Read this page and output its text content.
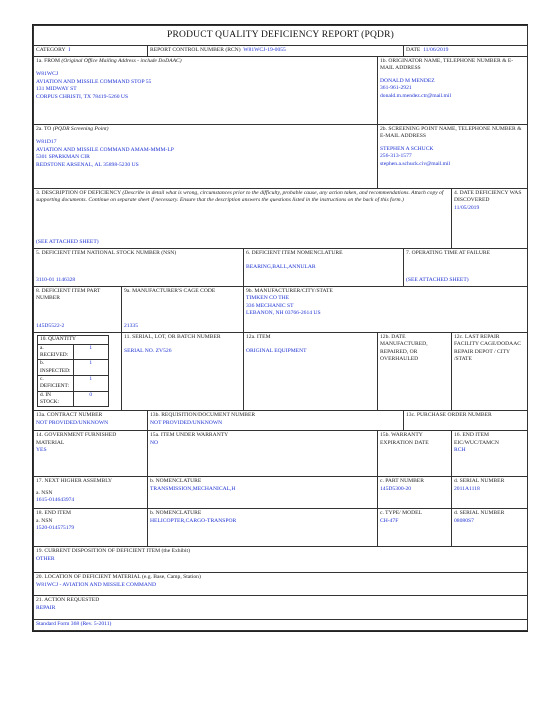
PRODUCT QUALITY DEFICIENCY REPORT (PQDR)
CATEGORY I	REPORT CONTROL NUMBER (RCN) W81WCJ-19-0055	DATE 11/06/2019
1a. FROM (Original Office Mailing Address - include DoDAAC)
W81WCJ
AVIATION AND MISSILE COMMAND STOP 55
131 MIDWAY ST
CORPUS CHRISTI, TX 78419-5260 US
	1b. ORIGINATOR NAME, TELEPHONE NUMBER & E-MAIL ADDRESS
DONALD M MENDEZ
361-961-2921
donald.m.mendez.ctr@mail.mil

2a. TO (PQDR Screening Point)
W81D17
AVIATION AND MISSILE COMMAND AMAM-MMM-LP
5301 SPARKMAN CIR
REDSTONE ARSENAL, AL 35898-5230 US
	2b. SCREENING POINT NAME, TELEPHONE NUMBER & E-MAIL ADDRESS
STEPHEN A SCHUCK
256-313-1577
stephen.a.schuck.civ@mail.mil

3. DESCRIPTION OF DEFICIENCY (Describe in detail what is wrong, circumstances prior to the difficulty, probable cause, any action taken, and recommendations. Attach copy of supporting documents. Continue on separate sheet if necessary. Ensure that the description answers the questions listed in the instructions on the back of this form.)
(SEE ATTACHED SHEET)
	4. DATE DEFICIENCY WAS DISCOVERED
11/05/2019

5. DEFICIENT ITEM NATIONAL STOCK NUMBER (NSN)
3110-01 1146328
	6. DEFICIENT ITEM NOMENCLATURE
BEARING,BALL,ANNULAR
	7. OPERATING TIME AT FAILURE
(SEE ATTACHED SHEET)

8. DEFICIENT ITEM PART NUMBER
145D5522-2
	9a. MANUFACTURER'S CAGE CODE
21335
	9b. MANUFACTURER/CITY/STATE
TIMKEN CO THE
336 MECHANIC ST
LEBANON, NH 03766-2614 US

10. QUANTITY
a. RECEIVED:	1
b. INSPECTED:	1
c. DEFICIENT:	1
d. IN STOCK:	0
	11. SERIAL, LOT, OR BATCH NUMBER
SERIAL NO. ZV526
	12a. ITEM
ORIGINAL EQUIPMENT
	12b. DATE MANUFACTURED, REPAIRED, OR OVERHAULED	12c. LAST REPAIR FACILITY CAGE/DODAAC REPAIR DEPOT / CITY /STATE
13a. CONTRACT NUMBER
NOT PROVIDED/UNKNOWN
	13b. REQUISITION/DOCUMENT NUMBER
NOT PROVIDED/UNKNOWN
	13c. PURCHASE ORDER NUMBER
14. GOVERNMENT FURNISHED MATERIAL
YES
	15a. ITEM UNDER WARRANTY
NO
	15b. WARRANTY EXPIRATION DATE	16. END ITEM EIC/WUC/TAMCN
RCH

17. NEXT HIGHER ASSEMBLY
a. NSN
1615-014643974

b. NOMENCLATURE
TRANSMISSION,MECHANICAL,H

c. PART NUMBER
145D5300-20

d. SERIAL NUMBER
2011A1118

18. END ITEM
a. NSN
1520-014575179

b. NOMENCLATURE
HELICOPTER,CARGO-TRANSPOR

c. TYPE/ MODEL
CH-47F

d. SERIAL NUMBER
08080S7

19. CURRENT DISPOSITION OF DEFICIENT ITEM (the Exhibit)
OTHER

20. LOCATION OF DEFICIENT MATERIAL (e.g. Base, Camp, Station)
W81WCJ - AVIATION AND MISSILE COMMAND

21. ACTION REQUESTED
REPAIR

Standard Form 368 (Rev. 5-2011)
